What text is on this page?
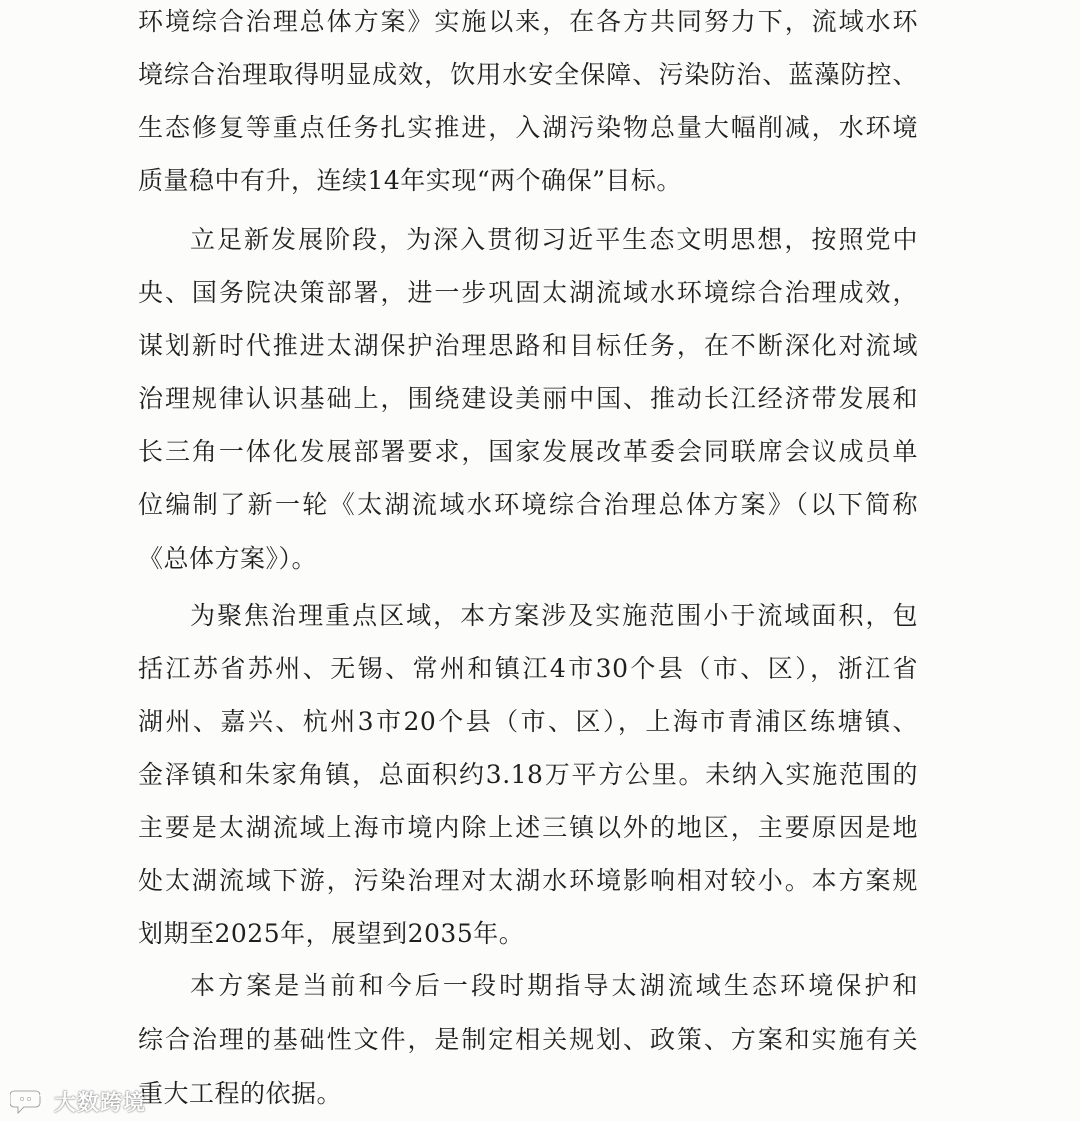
环境综合治理总体方案》实施以来，在各方共同努力下，流域水环
境综合治理取得明显成效，饮用水安全保障、污染防治、蓝藻防控、
生态修复等重点任务扎实推进，入湖污染物总量大幅削减，水环境
质量稳中有升，连续14年实现“两个确保”目标。
立足新发展阶段，为深入贯彻习近平生态文明思想，按照党中
央、国务院决策部署，进一步巩固太湖流域水环境综合治理成效，
谋划新时代推进太湖保护治理思路和目标任务，在不断深化对流域
治理规律认识基础上，围绕建设美丽中国、推动长江经济带发展和
长三角一体化发展部署要求，国家发展改革委会同联席会议成员单
位编制了新一轮《太湖流域水环境综合治理总体方案》（以下简称
《总体方案》）。
为聚焦治理重点区域，本方案涉及实施范围小于流域面积，包
括江苏省苏州、无锡、常州和镇江4市30个县（市、区），浙江省
湖州、嘉兴、杭州3市20个县（市、区），上海市青浦区练塘镇、
金泽镇和朱家角镇，总面积约3.18万平方公里。未纳入实施范围的
主要是太湖流域上海市境内除上述三镇以外的地区，主要原因是地
处太湖流域下游，污染治理对太湖水环境影响相对较小。本方案规
划期至2025年，展望到2035年。
本方案是当前和今后一段时期指导太湖流域生态环境保护和
综合治理的基础性文件，是制定相关规划、政策、方案和实施有关
重大工程的依据。
大数跨境
